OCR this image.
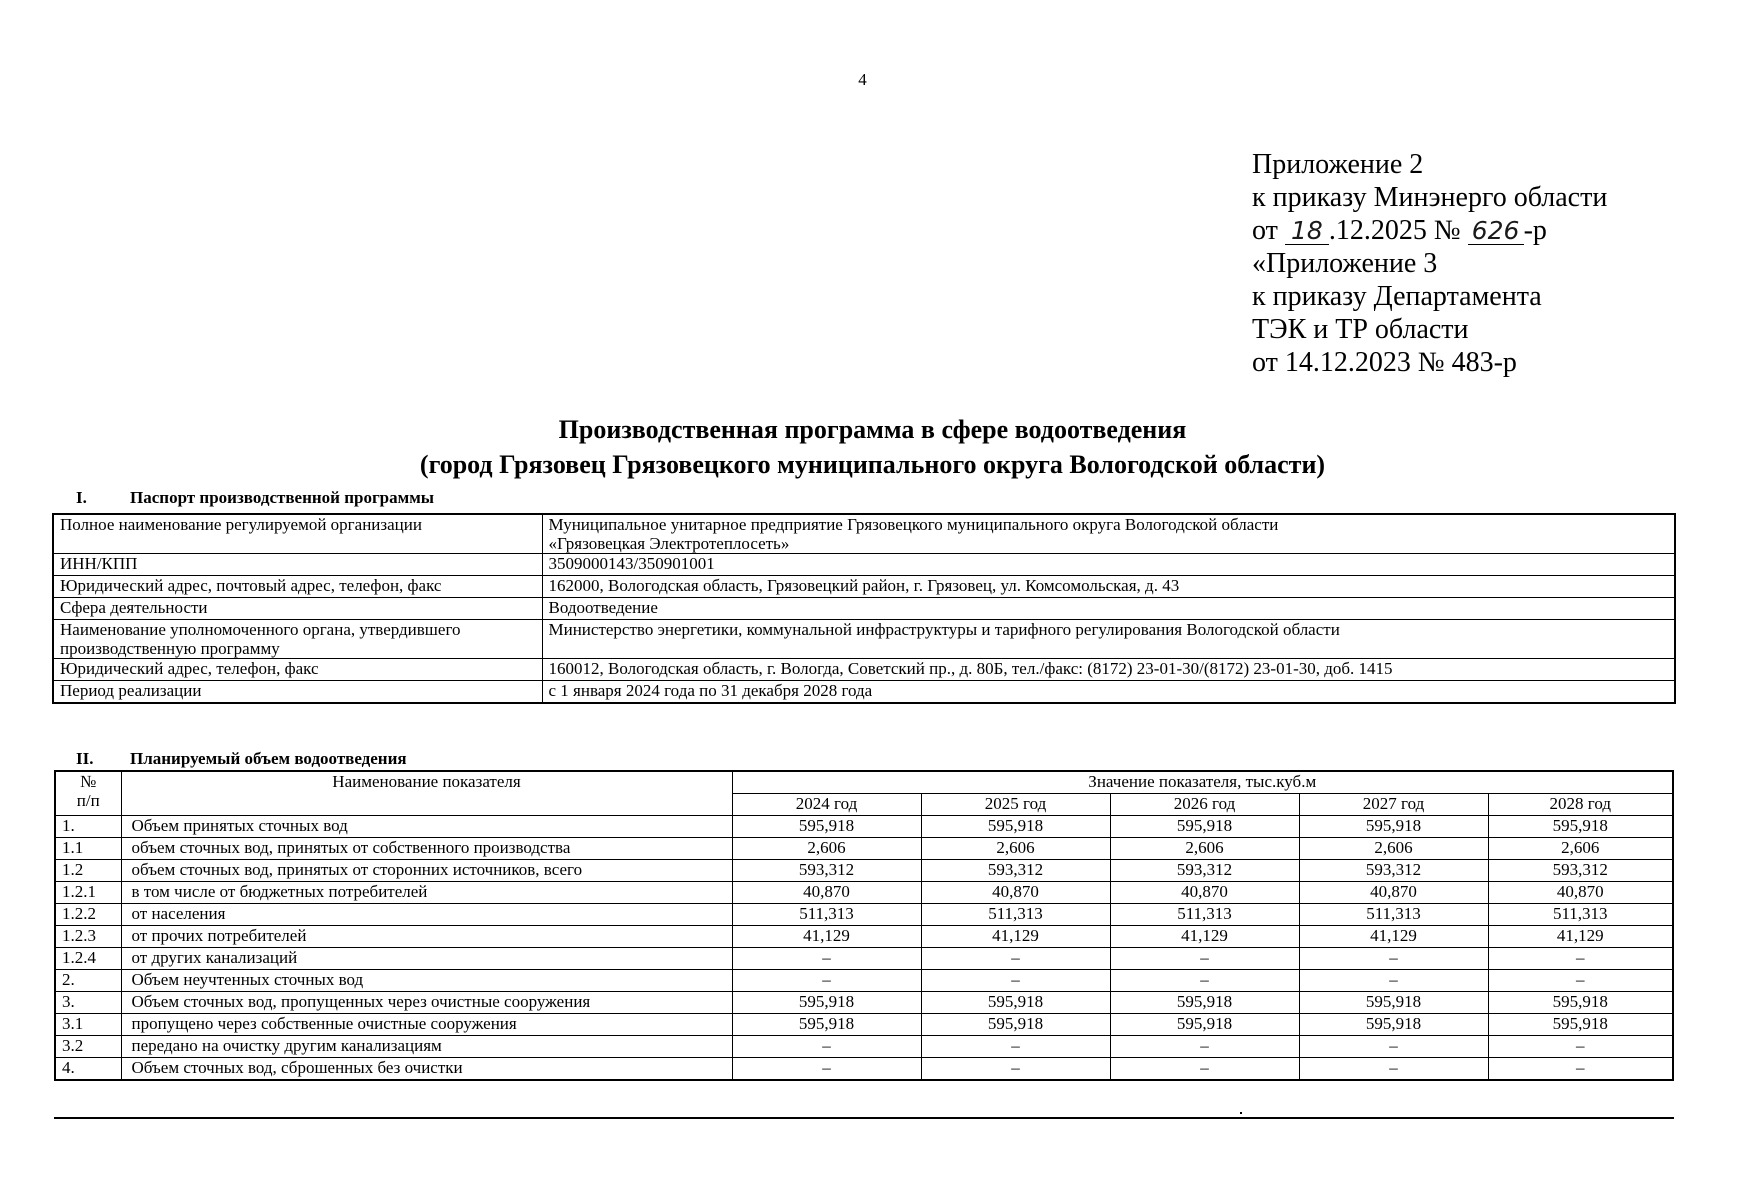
4
Приложение 2
к приказу Минэнерго области
от 18 .12.2025 № 626 -р
«Приложение 3
к приказу Департамента
ТЭК и ТР области
от 14.12.2023 № 483-р
Производственная программа в сфере водоотведения
(город Грязовец Грязовецкого муниципального округа Вологодской области)
I.	Паспорт производственной программы
Полное наименование регулируемой организации	Муниципальное унитарное предприятие Грязовецкого муниципального округа Вологодской области
«Грязовецкая Электротеплосеть»

ИНН/КПП	3509000143/350901001
Юридический адрес, почтовый адрес, телефон, факс	162000, Вологодская область, Грязовецкий район, г. Грязовец, ул. Комсомольская, д. 43
Сфера деятельности	Водоотведение

Наименование уполномоченного органа, утвердившего
производственную программу	Министерство энергетики, коммунальной инфраструктуры и тарифного регулирования Вологодской области
Юридический адрес, телефон, факс	160012, Вологодская область, г. Вологда, Советский пр., д. 80Б, тел./факс: (8172) 23-01-30/(8172) 23-01-30, доб. 1415
Период реализации	с 1 января 2024 года по 31 декабря 2028 года
II. Планируемый объем водоотведения
№
п/п	Наименование показателя	Значение показателя, тыс.куб.м				
		2024 год	2025 год	2026 год	2027 год	2028 год
1.	Объем принятых сточных вод	595,918	595,918	595,918	595,918	595,918
1.1	объем сточных вод, принятых от собственного производства	2,606	2,606	2,606	2,606	2,606
1.2	объем сточных вод, принятых от сторонних источников, всего	593,312	593,312	593,312	593,312	593,312
1.2.1	в том числе от бюджетных потребителей	40,870	40,870	40,870	40,870	40,870
1.2.2	от населения	511,313	511,313	511,313	511,313	511,313
1.2.3	от прочих потребителей	41,129	41,129	41,129	41,129	41,129
1.2.4	от других канализаций	–	–	–	–	–
2.	Объем неучтенных сточных вод	–	–	–	–	–
3.	Объем сточных вод, пропущенных через очистные сооружения	595,918	595,918	595,918	595,918	595,918
3.1	пропущено через собственные очистные сооружения	595,918	595,918	595,918	595,918	595,918
3.2	передано на очистку другим канализациям	–	–	–	–	–
4.	Объем сточных вод, сброшенных без очистки	–	–	–	–	–
